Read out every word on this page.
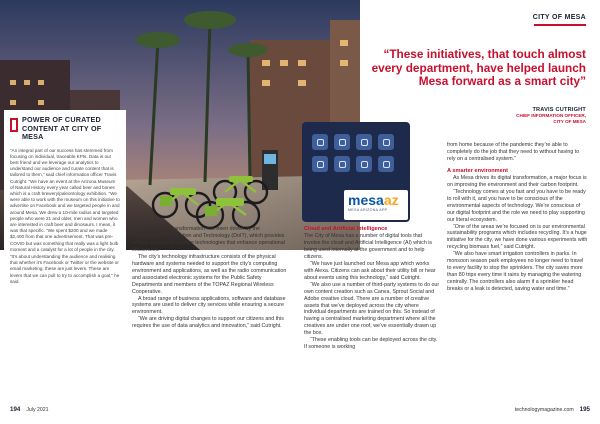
POWER OF CURATED
CONTENT AT CITY OF MESA

“An integral part of our success has stemmed from focusing on individual, traceable KPIs. Data is our best friend and we leverage our analytics to understand our audience and curate content that is tailored to them,” said chief information officer Travis Cutright. “We have an event at the Arizona Museum of Natural History every year called beer and bones which is a craft brewery/paleontology exhibition. “We were able to work with the museum on this initiative to advertise on Facebook and we targeted people in and around Mesa. We drew a 10-mile radius and targeted people who were 21 and older, men and women who are interested in craft beer and dinosaurs. I mean, it was that specific. “We spent $200 and we made $2,400 from that one advertisement. That was pre-COVID but was something that really was a light bulb moment and a catalyst for a lot of people in the city.

“It’s about understanding the audience and realising that whether it’s Facebook or Twitter or the website or email marketing, these are just levers. These are levers that we can pull to try to accomplish a goal,” he said.

The city’s digital transformation has been driven by the Department of Innovation and Technology (DoIT), which provides secure, proven, innovative technologies that enhance operational efficiencies.

The city’s technology infrastructure consists of the physical hardware and systems needed to support the city’s computing environment and applications, as well as the radio communication and associated electronic systems for the Public Safety Departments and members of the TOPAZ Regional Wireless Cooperative.

A broad range of business applications, software and database systems are used to deliver city services while ensuring a secure environment.

“We are driving digital changes to support our citizens and this requires the use of data analytics and innovation,” said Cutright.

CITY OF MESA
“These initiatives, that touch almost every department, have helped launch Mesa forward as a smart city”
TRAVIS CUTRIGHT
CHIEF INFORMATION OFFICER,
CITY OF MESA
mesaaz
MESA ARIZONA APP

Cloud and Artificial Intelligence

The City of Mesa has a number of digital tools that involve the cloud and Artificial Intelligence (AI) which is being used internally at the government and to help citizens.

“We have just launched our Mesa app which works with Alexa. Citizens can ask about their utility bill or hear about events using this technology,” said Cutright.

“We also use a number of third-party systems to do our own content creation such as Canva, Sprout Social and Adobe creative cloud. There are a number of creative assets that we’ve deployed across the city where individual departments are trained on this. So instead of having a centralised marketing department where all the creatives are under one roof, we’ve essentially drawn up the box.

“These enabling tools can be deployed across the city. If someone is working

from home because of the pandemic they’re able to completely do the job that they need to without having to rely on a centralised system.”

A smarter environment

As Mesa drives its digital transformation, a major focus is on improving the environment and their carbon footprint.

“Technology comes at you fast and you have to be ready to roll with it, and you have to be conscious of the environmental aspects of technology. We’re conscious of our digital footprint and the role we need to play supporting our literal ecosystem.

“One of the areas we’re focused on is our environmental sustainability programs which includes recycling. It’s a huge initiative for the city, we have done various experiments with recycling biomass fuel,” said Cutright.

“We also have smart irrigation controllers in parks. In monsoon season park employees no longer need to travel to every facility to stop the sprinklers. The city saves more than 80 trips every time it rains by managing the watering centrally. The controllers also alarm if a sprinkler head breaks or a leak is detected, saving water and time.”

194 July 2021	technologymagazine.com 195
